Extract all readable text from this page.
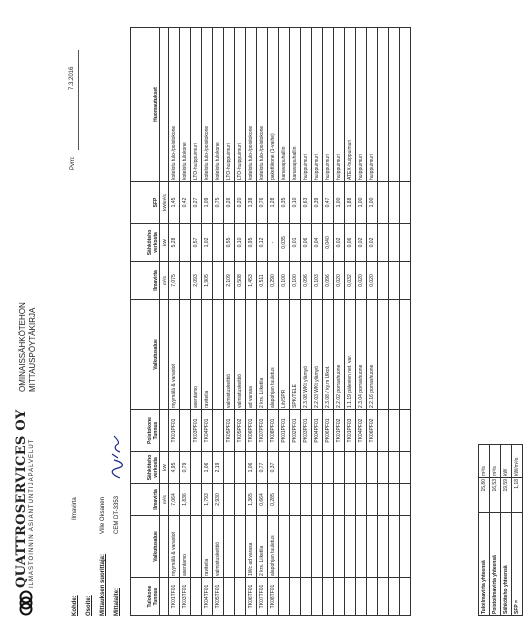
QUATTROSERVICES OY ILMASTOINNIN ASIANTUNTIJAPALVELUT
OMINAISSÄHKÖTEHON MITTAUSPÖYTÄKIRJA
Pvm:
7.3.2016
Kohde:
Ilmavirta
Osoite: Mittauksen suorittaja:
Ville Oksanen
Mittalaite:
CEM DT-3353
Tulokone Tunnus	Valkutusalue	Ilmavirta	Sähköteho verkosta	Poistokone Tunnus	Valkutusalue	Ilmavirta	Sähköteho verkosta	SFP	Huomautukset
		m³/s	kW			m³/s	kW	kW/m³/s	
TK01TF01	myymälä & varastot	7,064	4,95	TK01PF01	myymälä & varastot	7,075	5,28	1,45	kotelotu tulo-/poistokone
TK03TF01	asentamo	1,836	0,79					0,42	kotelotu tulokone
				TK03PF01	asentamo	2,093	0,57	0,27	LTO-huippuimuri
TK04TF01	raviteila	1,793	1,06	TK04PF01	raviteila	1,905	1,02	1,09	kotelotu tulo-/poistokone
TK05TF01	valmistuskeittiö	2,930	2,19					0,75	kotelotu tulokone
				TK05PF01	valmistuskeittiö	2,109	0,55	0,26	LTO-huippuimuri
				TK05PF02	valmistuskeittiö	0,508	0,10	0,20	LTO-huippuimuri
TK06TF01	1Wc ad varasa	1,365	1,06	TK06PF01	ad varasa	1,453	0,95	1,38	kotelotu tulo-/poistokone
TK07TF01	2 krs. Liiketila	0,664	0,77	TK07PF01	2 krs. Liiketila	0,511	0,12	0,76	kotelotu tulo-/poistokone
TK08TF01	alapohjan tuuletus	0,285	0,37	TK08PF01	alapohjan tuuletus	0,290	-	1,28	pakettikone (1-vaihe)
				PK01PF01	Lih/SPR	0,100	0,035	0,35	kanavapuhallin
				PK02PF01	SPK/TELE	0,100	0,01	0,10	kanavapuhallin
				PK03PF01	2.3.08 WKt ylämyö	0,096	0,06	0,63	huippuimuri
				PK04PF01	2.2.03 WKt ylämyö	0,103	0,04	0,39	huippuimuri
				PK06PF01	2.3.08 / ky.m Ulkot.	0,096	0,040	0,47	huippuimuri
				TK01PF02	2.2.02 porrashuone	0,020	0,02	1,00	huippuimuri
				TK01PF03	1.1.19 pälevien net. var.	0,032	0,06	1,88	ATEX-huippuimuri
				TK04PF02	2.3.04 porrashuone	0,020	0,02	1,00	huippuimuri
				TK06PF02	2.2.16 porrashuone	0,020	0,02	1,00	huippuimuri

Tuloilmavirta yhteensä	15,80	m³/s
Poistoilmavirta yhteensä	16,53	m³/s
Sähköteho yhteensä	19,59	kW
SFP =	1,18	kW/m³/s
